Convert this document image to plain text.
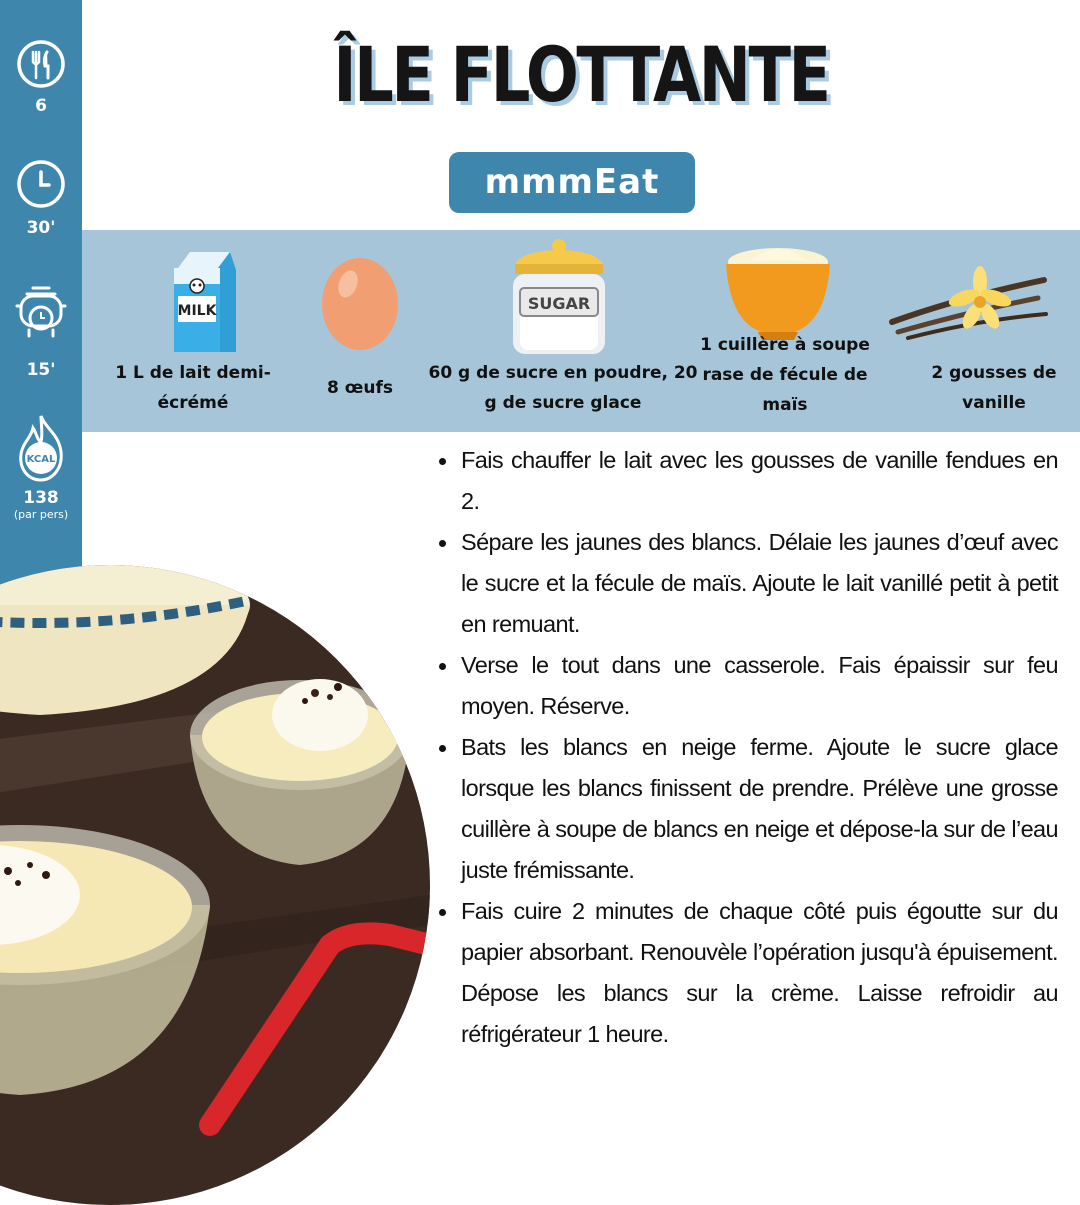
6
30'
15'
KCAL
138
(par pers)
ÎLE FLOTTANTE
mmmEat
MILK
1 L de lait demi-écrémé
8 œufs
SUGAR
60 g de sucre en poudre, 20 g de sucre glace
1 cuillère à soupe rase de fécule de maïs
2 gousses de vanille
Fais chauffer le lait avec les gousses de vanille fendues en 2.
Sépare les jaunes des blancs. Délaie les jaunes d’œuf avec le sucre et la fécule de maïs. Ajoute le lait vanillé petit à petit en remuant.
Verse le tout dans une casserole. Fais épaissir sur feu moyen. Réserve.
Bats les blancs en neige ferme. Ajoute le sucre glace lorsque les blancs finissent de prendre. Prélève une grosse cuillère à soupe de blancs en neige et dépose-la sur de l’eau juste frémissante.
Fais cuire 2 minutes de chaque côté puis égoutte sur du papier absorbant. Renouvèle l’opération jusqu'à épuisement. Dépose les blancs sur la crème. Laisse refroidir au réfrigérateur 1 heure.
